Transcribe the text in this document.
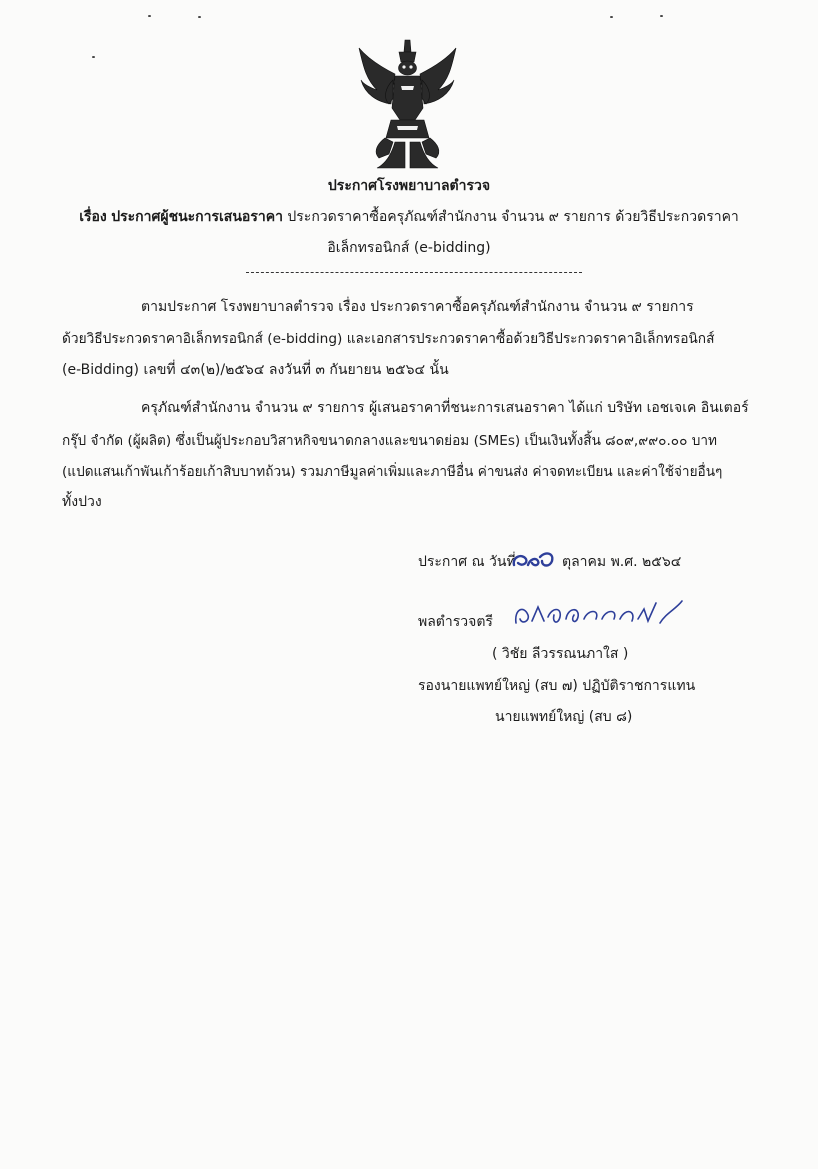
ประกาศโรงพยาบาลตำรวจ
เรื่อง ประกาศผู้ชนะการเสนอราคา ประกวดราคาซื้อครุภัณฑ์สำนักงาน จำนวน ๙ รายการ ด้วยวิธีประกวดราคา
อิเล็กทรอนิกส์ (e-bidding)
ตามประกาศ โรงพยาบาลตำรวจ เรื่อง ประกวดราคาซื้อครุภัณฑ์สำนักงาน จำนวน ๙ รายการ
ด้วยวิธีประกวดราคาอิเล็กทรอนิกส์ (e-bidding) และเอกสารประกวดราคาซื้อด้วยวิธีประกวดราคาอิเล็กทรอนิกส์
(e-Bidding) เลขที่ ๔๓(๒)/๒๕๖๔ ลงวันที่ ๓ กันยายน ๒๕๖๔ นั้น
ครุภัณฑ์สำนักงาน จำนวน ๙ รายการ ผู้เสนอราคาที่ชนะการเสนอราคา ได้แก่ บริษัท เอชเจเค อินเตอร์
กรุ๊ป จำกัด (ผู้ผลิต) ซึ่งเป็นผู้ประกอบวิสาหกิจขนาดกลางและขนาดย่อม (SMEs) เป็นเงินทั้งสิ้น ๘๐๙,๙๙๐.๐๐ บาท
(แปดแสนเก้าพันเก้าร้อยเก้าสิบบาทถ้วน) รวมภาษีมูลค่าเพิ่มและภาษีอื่น ค่าขนส่ง ค่าจดทะเบียน และค่าใช้จ่ายอื่นๆ
ทั้งปวง
ประกาศ ณ วันที่	ตุลาคม พ.ศ. ๒๕๖๔
พลตำรวจตรี
( วิชัย ลีวรรณนภาใส )
รองนายแพทย์ใหญ่ (สบ ๗) ปฏิบัติราชการแทน
นายแพทย์ใหญ่ (สบ ๘)
